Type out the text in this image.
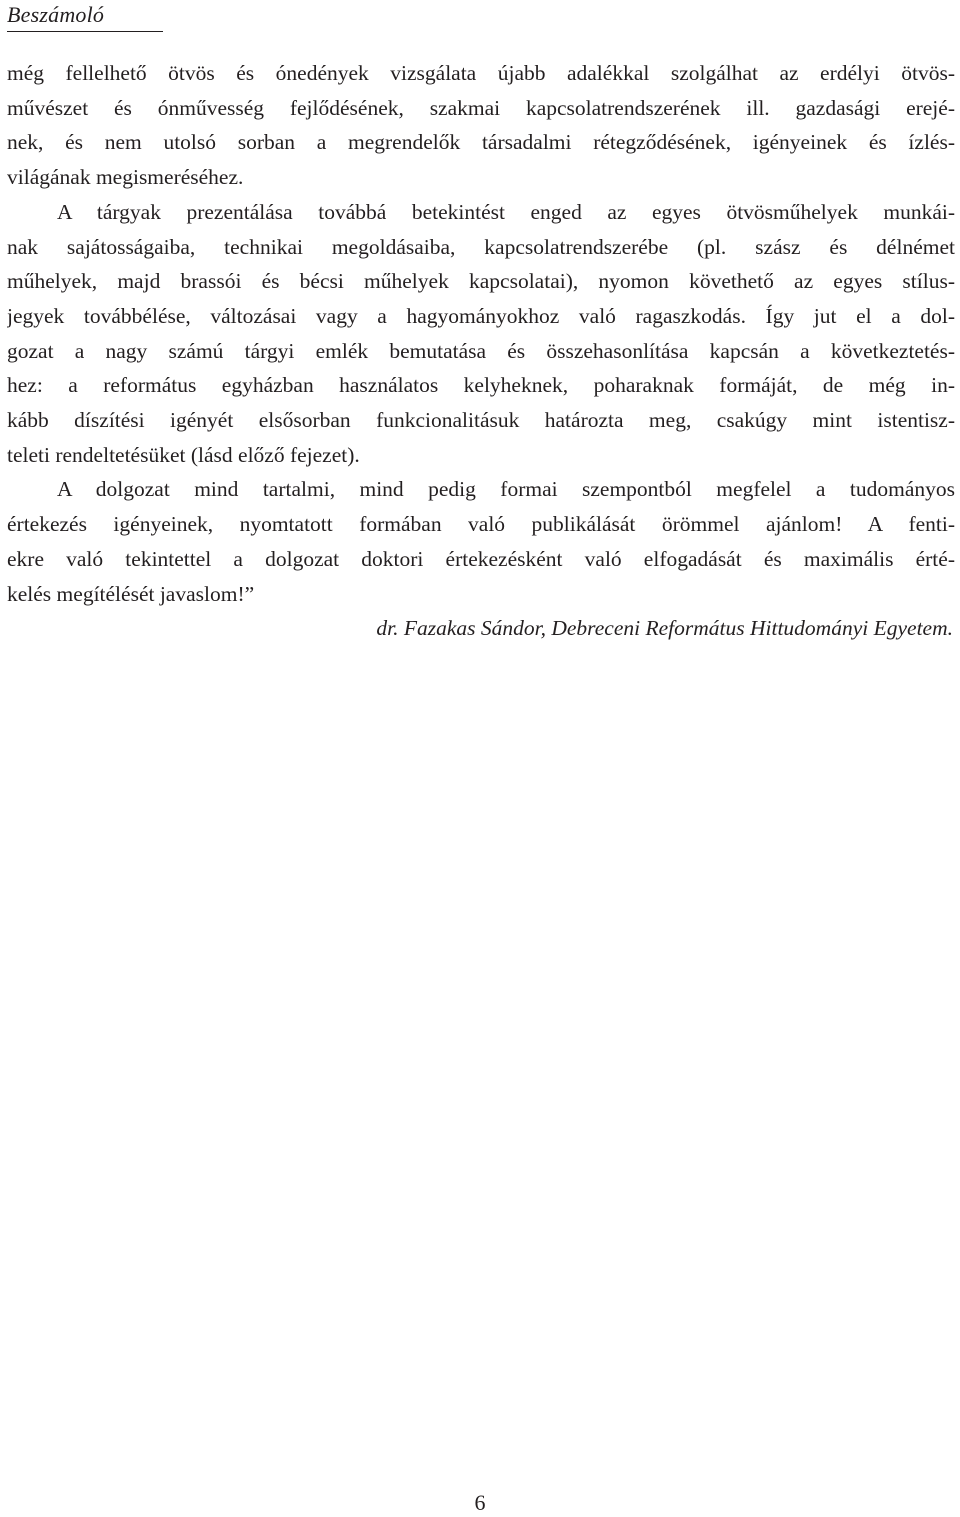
Beszámoló
még fellelhető ötvös és ónedények vizsgálata újabb adalékkal szolgálhat az erdélyi ötvös-
művészet és ónművesség fejlődésének, szakmai kapcsolatrendszerének ill. gazdasági erejé-
nek, és nem utolsó sorban a megrendelők társadalmi rétegződésének, igényeinek és ízlés-
világának megismeréséhez.
A tárgyak prezentálása továbbá betekintést enged az egyes ötvösműhelyek munkái-
nak sajátosságaiba, technikai megoldásaiba, kapcsolatrendszerébe (pl. szász és délnémet
műhelyek, majd brassói és bécsi műhelyek kapcsolatai), nyomon követhető az egyes stílus-
jegyek továbbélése, változásai vagy a hagyományokhoz való ragaszkodás. Így jut el a dol-
gozat a nagy számú tárgyi emlék bemutatása és összehasonlítása kapcsán a következtetés-
hez: a református egyházban használatos kelyheknek, poharaknak formáját, de még in-
kább díszítési igényét elsősorban funkcionalitásuk határozta meg, csakúgy mint istentisz-
teleti rendeltetésüket (lásd előző fejezet).
A dolgozat mind tartalmi, mind pedig formai szempontból megfelel a tudományos
értekezés igényeinek, nyomtatott formában való publikálását örömmel ajánlom! A fenti-
ekre való tekintettel a dolgozat doktori értekezésként való elfogadását és maximális érté-
kelés megítélését javaslom!”
dr. Fazakas Sándor, Debreceni Református Hittudományi Egyetem.
6
